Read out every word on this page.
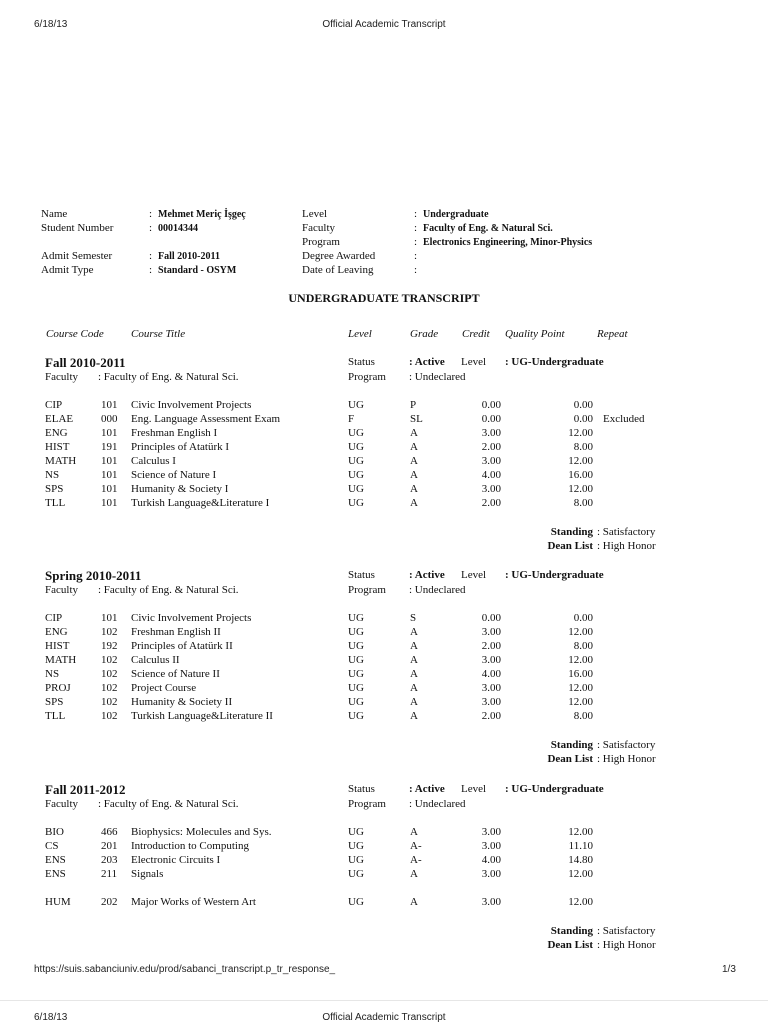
6/18/13	Official Academic Transcript
Name	: Mehmet Meriç İşgeç
Student Number	: 00014344
Admit Semester	: Fall 2010-2011
Admit Type	: Standard - OSYM
Level	: Undergraduate
Faculty	: Faculty of Eng. & Natural Sci.
Program	: Electronics Engineering, Minor-Physics
Degree Awarded	:
Date of Leaving	:
UNDERGRADUATE TRANSCRIPT
Course Code Course Title	Level	Grade Credit Quality Point	Repeat
Fall 2010-2011	Status	: Active Level : UG-Undergraduate
Faculty : Faculty of Eng. & Natural Sci.	Program : Undeclared
CIP	101 Civic Involvement Projects	UG	P	0.00	0.00
ELAE	000 Eng. Language Assessment Exam	F	SL	0.00	0.00 Excluded
ENG	101 Freshman English I	UG	A	3.00	12.00
HIST	191 Principles of Atatürk I	UG	A	2.00	8.00
MATH 101 Calculus I	UG	A	3.00	12.00
NS	101 Science of Nature I	UG	A	4.00	16.00
SPS	101 Humanity & Society I	UG	A	3.00	12.00
TLL	101 Turkish Language&Literature I	UG	A	2.00	8.00
Standing : Satisfactory
Dean List : High Honor
Spring 2010-2011	Status	: Active Level : UG-Undergraduate
Faculty : Faculty of Eng. & Natural Sci.	Program : Undeclared
CIP	101 Civic Involvement Projects	UG	S	0.00	0.00
ENG	102 Freshman English II	UG	A	3.00	12.00
HIST	192 Principles of Atatürk II	UG	A	2.00	8.00
MATH 102 Calculus II	UG	A	3.00	12.00
NS	102 Science of Nature II	UG	A	4.00	16.00
PROJ	102 Project Course	UG	A	3.00	12.00
SPS	102 Humanity & Society II	UG	A	3.00	12.00
TLL	102 Turkish Language&Literature II	UG	A	2.00	8.00
Standing : Satisfactory
Dean List : High Honor
Fall 2011-2012	Status	: Active Level : UG-Undergraduate
Faculty : Faculty of Eng. & Natural Sci.	Program : Undeclared
BIO	466 Biophysics: Molecules and Sys.	UG	A	3.00	12.00
CS	201 Introduction to Computing	UG	A-	3.00	11.10
ENS	203 Electronic Circuits I	UG	A-	4.00	14.80
ENS	211 Signals	UG	A	3.00	12.00
HUM	202 Major Works of Western Art	UG	A	3.00	12.00
Standing : Satisfactory
Dean List : High Honor
https://suis.sabanciuniv.edu/prod/sabanci_transcript.p_tr_response_	1/3
6/18/13	Official Academic Transcript
